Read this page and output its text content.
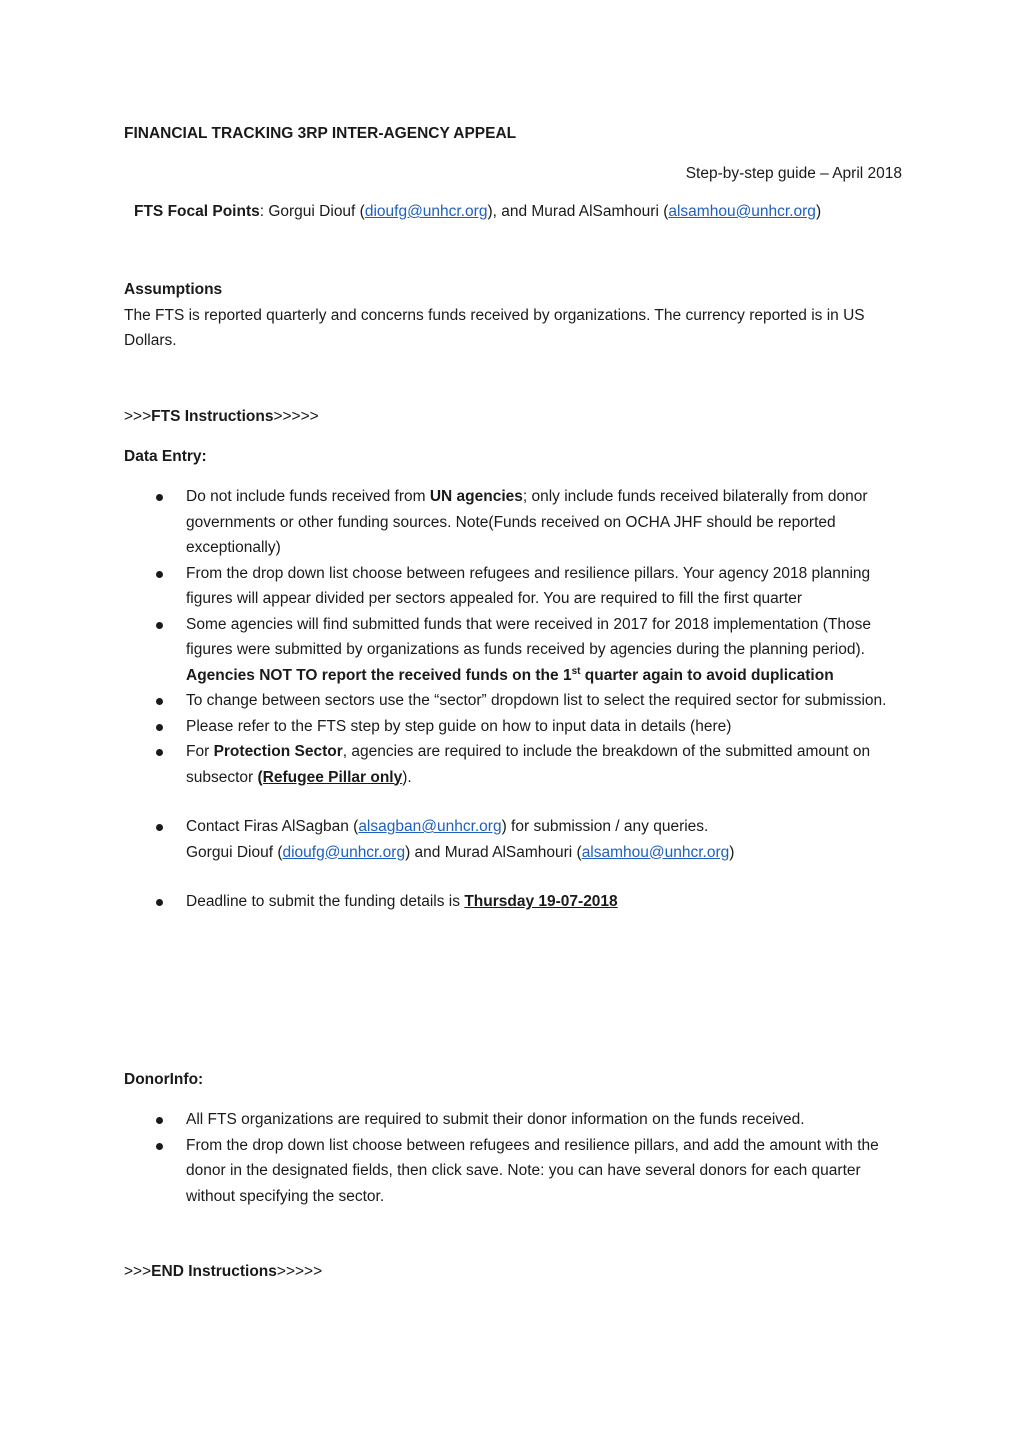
FINANCIAL TRACKING 3RP INTER-AGENCY APPEAL
Step-by-step guide – April 2018
FTS Focal Points: Gorgui Diouf (dioufg@unhcr.org), and Murad AlSamhouri (alsamhou@unhcr.org)
Assumptions
The FTS is reported quarterly and concerns funds received by organizations. The currency reported is in US Dollars.
>>>FTS Instructions>>>>>
Data Entry:
Do not include funds received from UN agencies; only include funds received bilaterally from donor governments or other funding sources. Note(Funds received on OCHA JHF should be reported exceptionally)
From the drop down list choose between refugees and resilience pillars. Your agency 2018 planning figures will appear divided per sectors appealed for. You are required to fill the first quarter
Some agencies will find submitted funds that were received in 2017 for 2018 implementation (Those figures were submitted by organizations as funds received by agencies during the planning period). Agencies NOT TO report the received funds on the 1st quarter again to avoid duplication
To change between sectors use the “sector” dropdown list to select the required sector for submission.
Please refer to the FTS step by step guide on how to input data in details (here)
For Protection Sector, agencies are required to include the breakdown of the submitted amount on subsector (Refugee Pillar only).
Contact Firas AlSagban (alsagban@unhcr.org) for submission / any queries.
Gorgui Diouf (dioufg@unhcr.org) and Murad AlSamhouri (alsamhou@unhcr.org)
Deadline to submit the funding details is Thursday 19-07-2018
DonorInfo:
All FTS organizations are required to submit their donor information on the funds received.
From the drop down list choose between refugees and resilience pillars, and add the amount with the donor in the designated fields, then click save. Note: you can have several donors for each quarter without specifying the sector.
>>>END Instructions>>>>>
